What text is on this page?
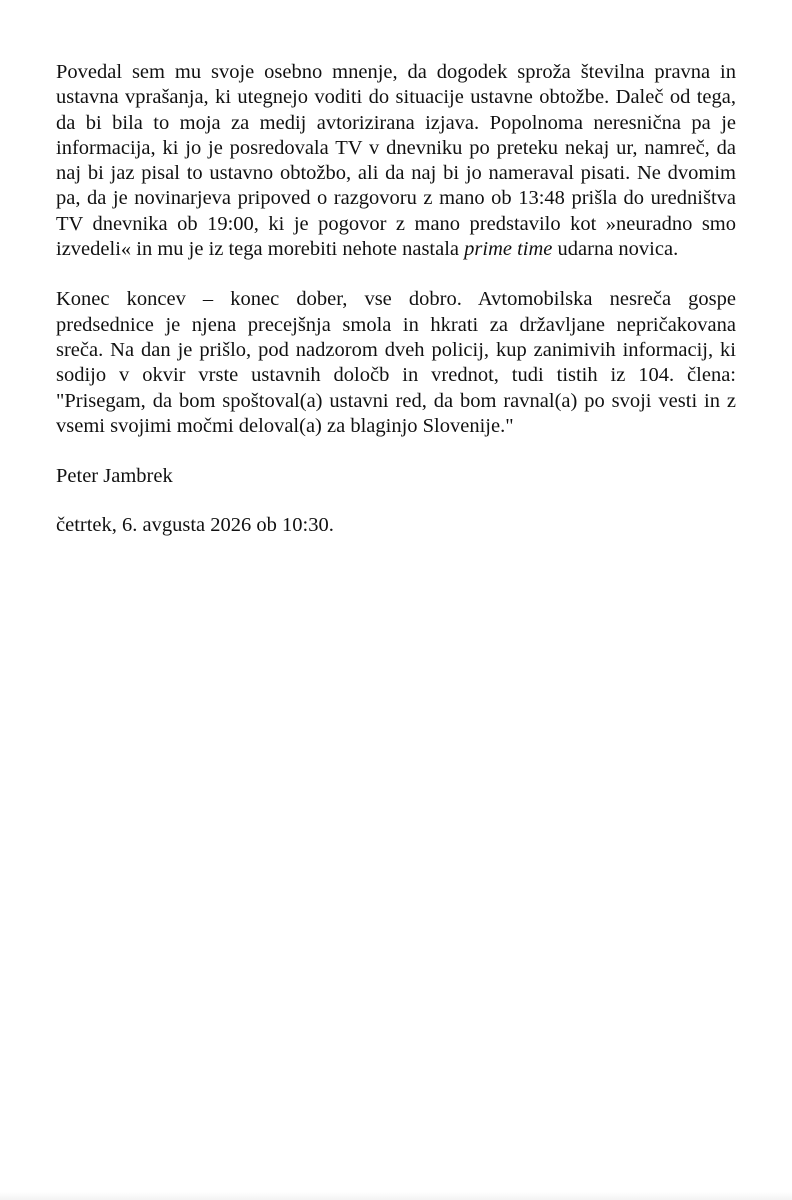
Povedal sem mu svoje osebno mnenje, da dogodek sproža številna pravna in
ustavna vprašanja, ki utegnejo voditi do situacije ustavne obtožbe. Daleč od tega,
da bi bila to moja za medij avtorizirana izjava. Popolnoma neresnična pa je
informacija, ki jo je posredovala TV v dnevniku po preteku nekaj ur, namreč, da
naj bi jaz pisal to ustavno obtožbo, ali da naj bi jo nameraval pisati. Ne dvomim
pa, da je novinarjeva pripoved o razgovoru z mano ob 13:48 prišla do uredništva
TV dnevnika ob 19:00, ki je pogovor z mano predstavilo kot »neuradno smo
izvedeli« in mu je iz tega morebiti nehote nastala prime time udarna novica.
Konec koncev – konec dober, vse dobro. Avtomobilska nesreča gospe
predsednice je njena precejšnja smola in hkrati za državljane nepričakovana
sreča. Na dan je prišlo, pod nadzorom dveh policij, kup zanimivih informacij, ki
sodijo v okvir vrste ustavnih določb in vrednot, tudi tistih iz 104. člena:
"Prisegam, da bom spoštoval(a) ustavni red, da bom ravnal(a) po svoji vesti in z
vsemi svojimi močmi deloval(a) za blaginjo Slovenije."
Peter Jambrek
četrtek, 6. avgusta 2026 ob 10:30.
